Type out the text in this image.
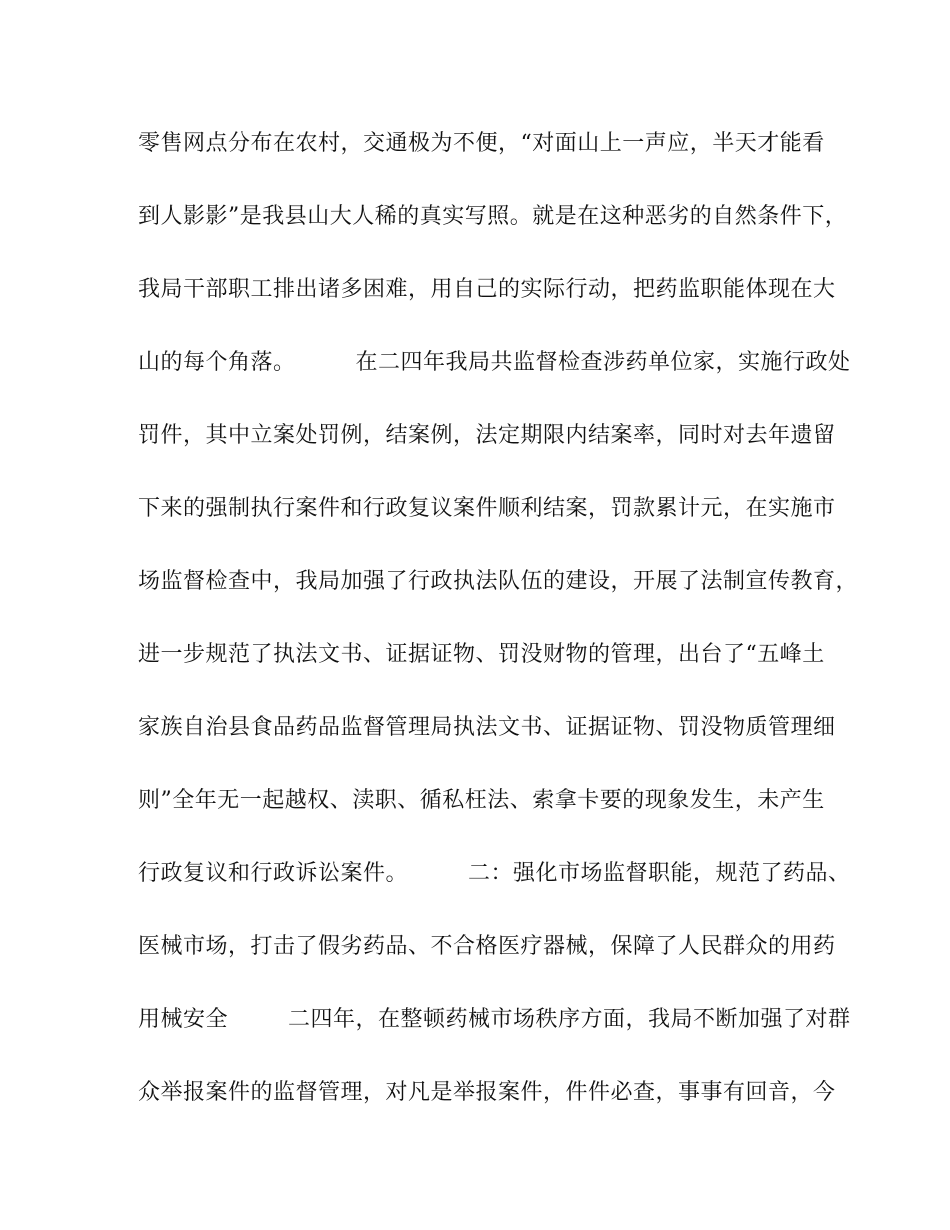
零售网点分布在农村，交通极为不便，“对面山上一声应，半天才能看
到人影影”是我县山大人稀的真实写照。就是在这种恶劣的自然条件下，
我局干部职工排出诸多困难，用自己的实际行动，把药监职能体现在大
山的每个角落。        在二四年我局共监督检查涉药单位家，实施行政处
罚件，其中立案处罚例，结案例，法定期限内结案率，同时对去年遗留
下来的强制执行案件和行政复议案件顺利结案，罚款累计元，在实施市
场监督检查中，我局加强了行政执法队伍的建设，开展了法制宣传教育，
进一步规范了执法文书、证据证物、罚没财物的管理，出台了“五峰土
家族自治县食品药品监督管理局执法文书、证据证物、罚没物质管理细
则”全年无一起越权、渎职、循私枉法、索拿卡要的现象发生，未产生
行政复议和行政诉讼案件。        二：强化市场监督职能，规范了药品、
医械市场，打击了假劣药品、不合格医疗器械，保障了人民群众的用药
用械安全        二四年，在整顿药械市场秩序方面，我局不断加强了对群
众举报案件的监督管理，对凡是举报案件，件件必查，事事有回音，今
